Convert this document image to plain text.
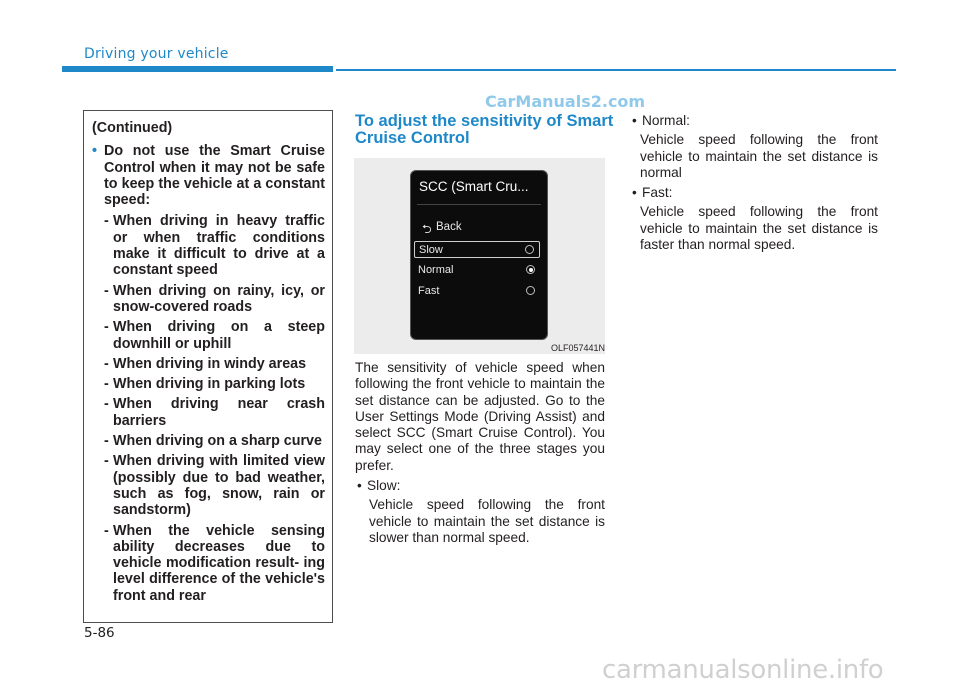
Driving your vehicle
CarManuals2.com
(Continued)
• Do not use the Smart Cruise Control when it may not be safe to keep the vehicle at a constant speed:
- When driving in heavy traffic or when traffic conditions make it difficult to drive at a constant speed
- When driving on rainy, icy, or snow-covered roads
- When driving on a steep downhill or uphill
- When driving in windy areas
- When driving in parking lots
- When driving near crash barriers
- When driving on a sharp curve
- When driving with limited view (possibly due to bad weather, such as fog, snow, rain or sandstorm)
- When the vehicle sensing ability decreases due to vehicle modification result- ing level difference of the vehicle's front and rear
To adjust the sensitivity of Smart Cruise Control
SCC (Smart Cru...
⮌ Back
Slow
Normal
Fast
OLF057441N
The sensitivity of vehicle speed when following the front vehicle to maintain the set distance can be adjusted. Go to the User Settings Mode (Driving Assist) and select SCC (Smart Cruise Control). You may select one of the three stages you prefer.
• Slow:
Vehicle speed following the front vehicle to maintain the set distance is slower than normal speed.
• Normal:
Vehicle speed following the front vehicle to maintain the set distance is normal
• Fast:
Vehicle speed following the front vehicle to maintain the set distance is faster than normal speed.
5-86
carmanualsonline.info
